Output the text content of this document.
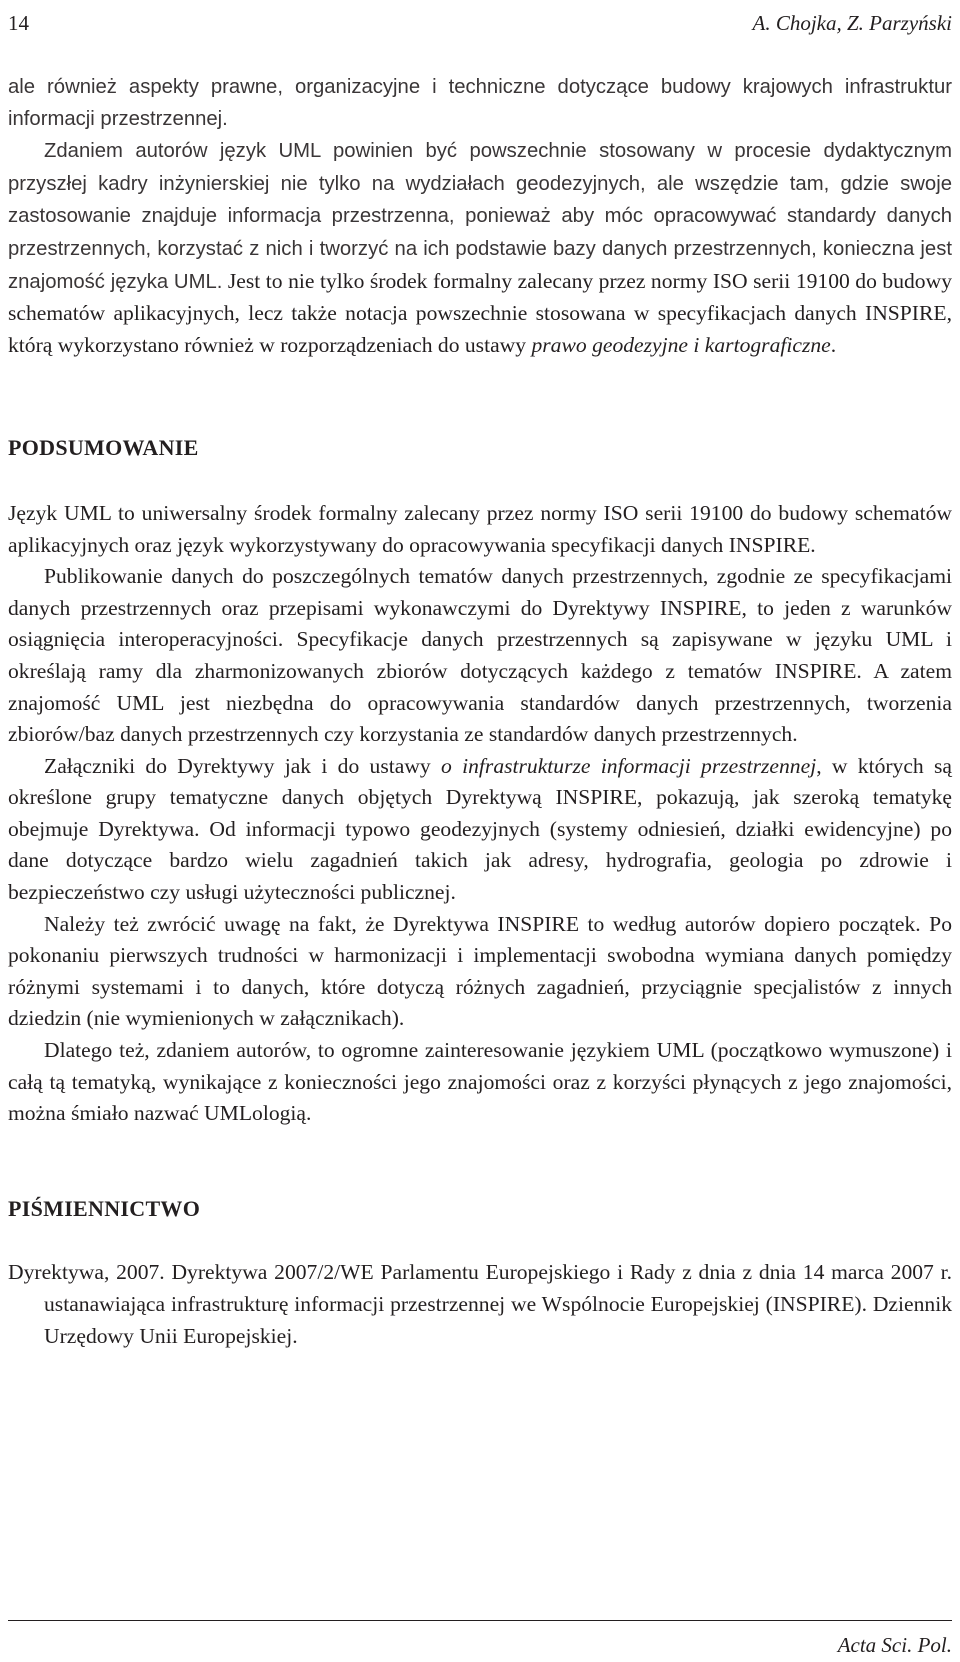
14	A. Chojka, Z. Parzyński

ale również aspekty prawne, organizacyjne i techniczne dotyczące budowy krajowych infrastruktur informacji przestrzennej.

Zdaniem autorów język UML powinien być powszechnie stosowany w procesie dydaktycznym przyszłej kadry inżynierskiej nie tylko na wydziałach geodezyjnych, ale wszędzie tam, gdzie swoje zastosowanie znajduje informacja przestrzenna, ponieważ aby móc opracowywać standardy danych przestrzennych, korzystać z nich i tworzyć na ich podstawie bazy danych przestrzennych, konieczna jest znajomość języka UML. Jest to nie tylko środek formalny zalecany przez normy ISO serii 19100 do budowy schematów aplikacyjnych, lecz także notacja powszechnie stosowana w specyfikacjach danych INSPIRE, którą wykorzystano również w rozporządzeniach do ustawy prawo geodezyjne i kartograficzne.

PODSUMOWANIE

Język UML to uniwersalny środek formalny zalecany przez normy ISO serii 19100 do budowy schematów aplikacyjnych oraz język wykorzystywany do opracowywania specyfikacji danych INSPIRE.

Publikowanie danych do poszczególnych tematów danych przestrzennych, zgodnie ze specyfikacjami danych przestrzennych oraz przepisami wykonawczymi do Dyrektywy INSPIRE, to jeden z warunków osiągnięcia interoperacyjności. Specyfikacje danych przestrzennych są zapisywane w języku UML i określają ramy dla zharmonizowanych zbiorów dotyczących każdego z tematów INSPIRE. A zatem znajomość UML jest niezbędna do opracowywania standardów danych przestrzennych, tworzenia zbiorów/baz danych przestrzennych czy korzystania ze standardów danych przestrzennych.

Załączniki do Dyrektywy jak i do ustawy o infrastrukturze informacji przestrzennej, w których są określone grupy tematyczne danych objętych Dyrektywą INSPIRE, pokazują, jak szeroką tematykę obejmuje Dyrektywa. Od informacji typowo geodezyjnych (systemy odniesień, działki ewidencyjne) po dane dotyczące bardzo wielu zagadnień takich jak adresy, hydrografia, geologia po zdrowie i bezpieczeństwo czy usługi użyteczności publicznej.

Należy też zwrócić uwagę na fakt, że Dyrektywa INSPIRE to według autorów dopiero początek. Po pokonaniu pierwszych trudności w harmonizacji i implementacji swobodna wymiana danych pomiędzy różnymi systemami i to danych, które dotyczą różnych zagadnień, przyciągnie specjalistów z innych dziedzin (nie wymienionych w załącznikach).

Dlatego też, zdaniem autorów, to ogromne zainteresowanie językiem UML (początkowo wymuszone) i całą tą tematyką, wynikające z konieczności jego znajomości oraz z korzyści płynących z jego znajomości, można śmiało nazwać UMLologią.

PIŚMIENNICTWO

Dyrektywa, 2007. Dyrektywa 2007/2/WE Parlamentu Europejskiego i Rady z dnia z dnia 14 marca 2007 r. ustanawiająca infrastrukturę informacji przestrzennej we Wspólnocie Europejskiej (INSPIRE). Dziennik Urzędowy Unii Europejskiej.

Acta Sci. Pol.
